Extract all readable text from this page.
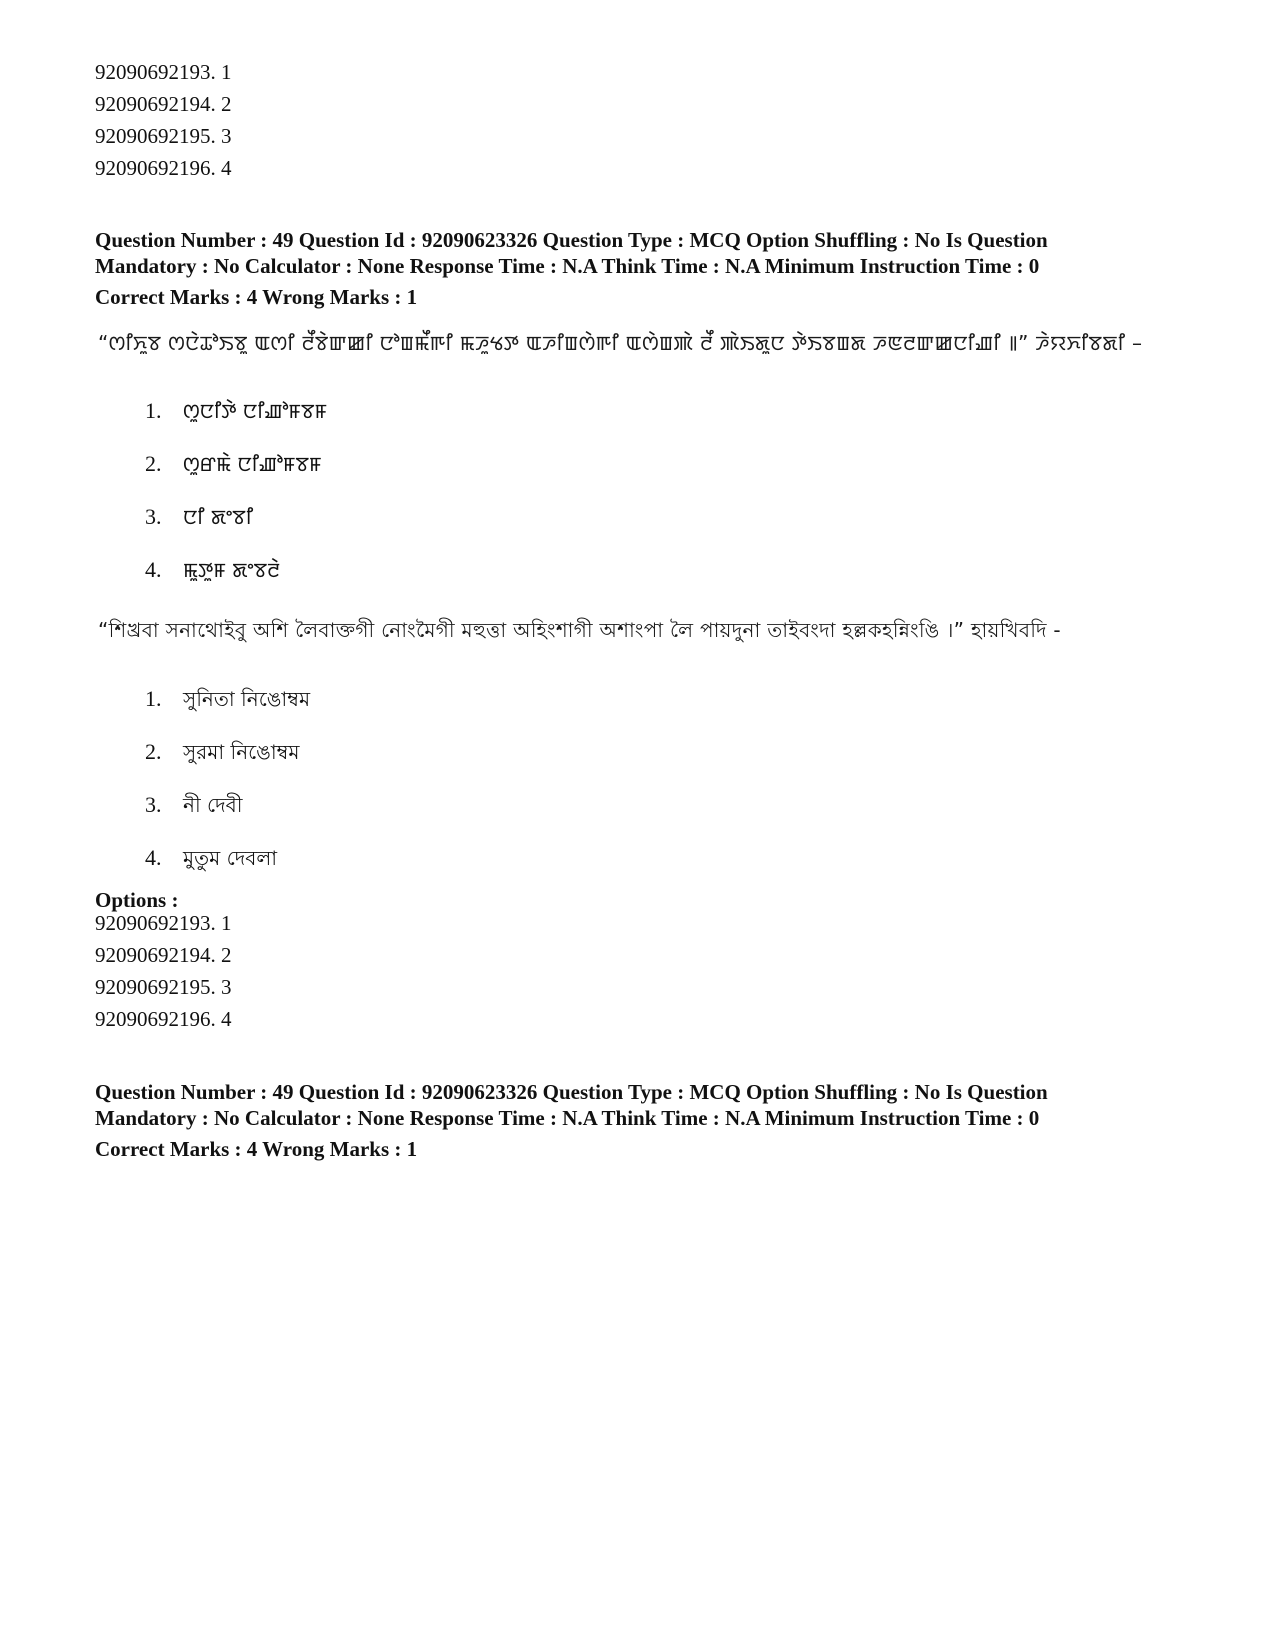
92090692193. 1
92090692194. 2
92090692195. 3
92090692196. 4
Question Number : 49 Question Id : 92090623326 Question Type : MCQ Option Shuffling : No Is Question
Mandatory : No Calculator : None Response Time : N.A Think Time : N.A Minimum Instruction Time : 0
Correct Marks : 4 Wrong Marks : 1
“ꯁꯤꯈꯨꯕ ꯁꯅꯥꯊꯣꯏꯕꯨ ꯑꯁꯤ ꯂꯩꯕꯥꯛꯀꯤ ꯅꯣꯡꯃꯩꯒꯤ ꯃꯍꯨꯠꯇ ꯑꯍꯤꯡꯁꯥꯒꯤ ꯑꯁꯥꯡꯄꯥ ꯂꯩ ꯄꯥꯏꯗꯨꯅ ꯇꯥꯏꯕꯡꯗ ꯍꯟꯂꯛꯀꯅꯤꯉꯤ ꯫” ꯍꯥꯌꯈꯤꯕꯗꯤ –
1. ꯁꯨꯅꯤꯇꯥ ꯅꯤꯉꯣꯝꯕꯝ
2. ꯁꯨꯔꯃꯥ ꯅꯤꯉꯣꯝꯕꯝ
3. ꯅꯤ ꯗꯦꯕꯤ
4. ꯃꯨꯇꯨꯝ ꯗꯦꯕꯂꯥ
“শিখ্রবা সনাথোইবু অশি লৈবাক্তগী নোংমৈগী মহুত্তা অহিংশাগী অশাংপা লৈ পায়দুনা তাইবংদা হল্লকহন্নিংঙি ।” হায়খিবদি -
1. সুনিতা নিঙোম্বম
2. সুরমা নিঙোম্বম
3. নী দেবী
4. মুতুম দেবলা
Options :
92090692193. 1
92090692194. 2
92090692195. 3
92090692196. 4
Question Number : 49 Question Id : 92090623326 Question Type : MCQ Option Shuffling : No Is Question
Mandatory : No Calculator : None Response Time : N.A Think Time : N.A Minimum Instruction Time : 0
Correct Marks : 4 Wrong Marks : 1
